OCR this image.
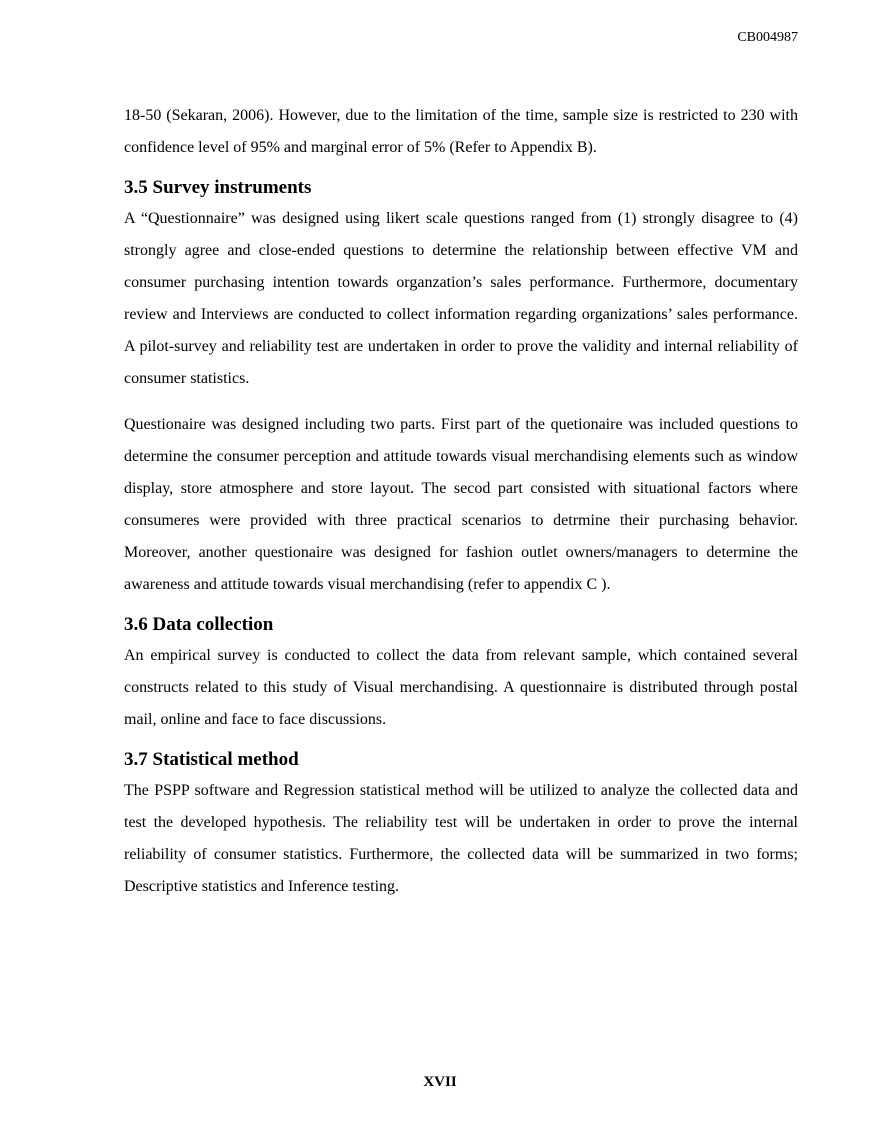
CB004987

18-50 (Sekaran, 2006). However, due to the limitation of the time, sample size is restricted to 230 with confidence level of 95% and marginal error of 5% (Refer to Appendix B).

3.5 Survey instruments

A “Questionnaire” was designed using likert scale questions ranged from (1) strongly disagree to (4) strongly agree and close-ended questions to determine the relationship between effective VM and consumer purchasing intention towards organzation’s sales performance. Furthermore, documentary review and Interviews are conducted to collect information regarding organizations’ sales performance. A pilot-survey and reliability test are undertaken in order to prove the validity and internal reliability of consumer statistics.

Questionaire was designed including two parts. First part of the quetionaire was included questions to determine the consumer perception and attitude towards visual merchandising elements such as window display, store atmosphere and store layout. The secod part consisted with situational factors where consumeres were provided with three practical scenarios to detrmine their purchasing behavior. Moreover, another questionaire was designed for fashion outlet owners/managers to determine the awareness and attitude towards visual merchandising (refer to appendix C ).

3.6 Data collection

An empirical survey is conducted to collect the data from relevant sample, which contained several constructs related to this study of Visual merchandising. A questionnaire is distributed through postal mail, online and face to face discussions.

3.7 Statistical method

The PSPP software and Regression statistical method will be utilized to analyze the collected data and test the developed hypothesis. The reliability test will be undertaken in order to prove the internal reliability of consumer statistics. Furthermore, the collected data will be summarized in two forms; Descriptive statistics and Inference testing.

XVII
